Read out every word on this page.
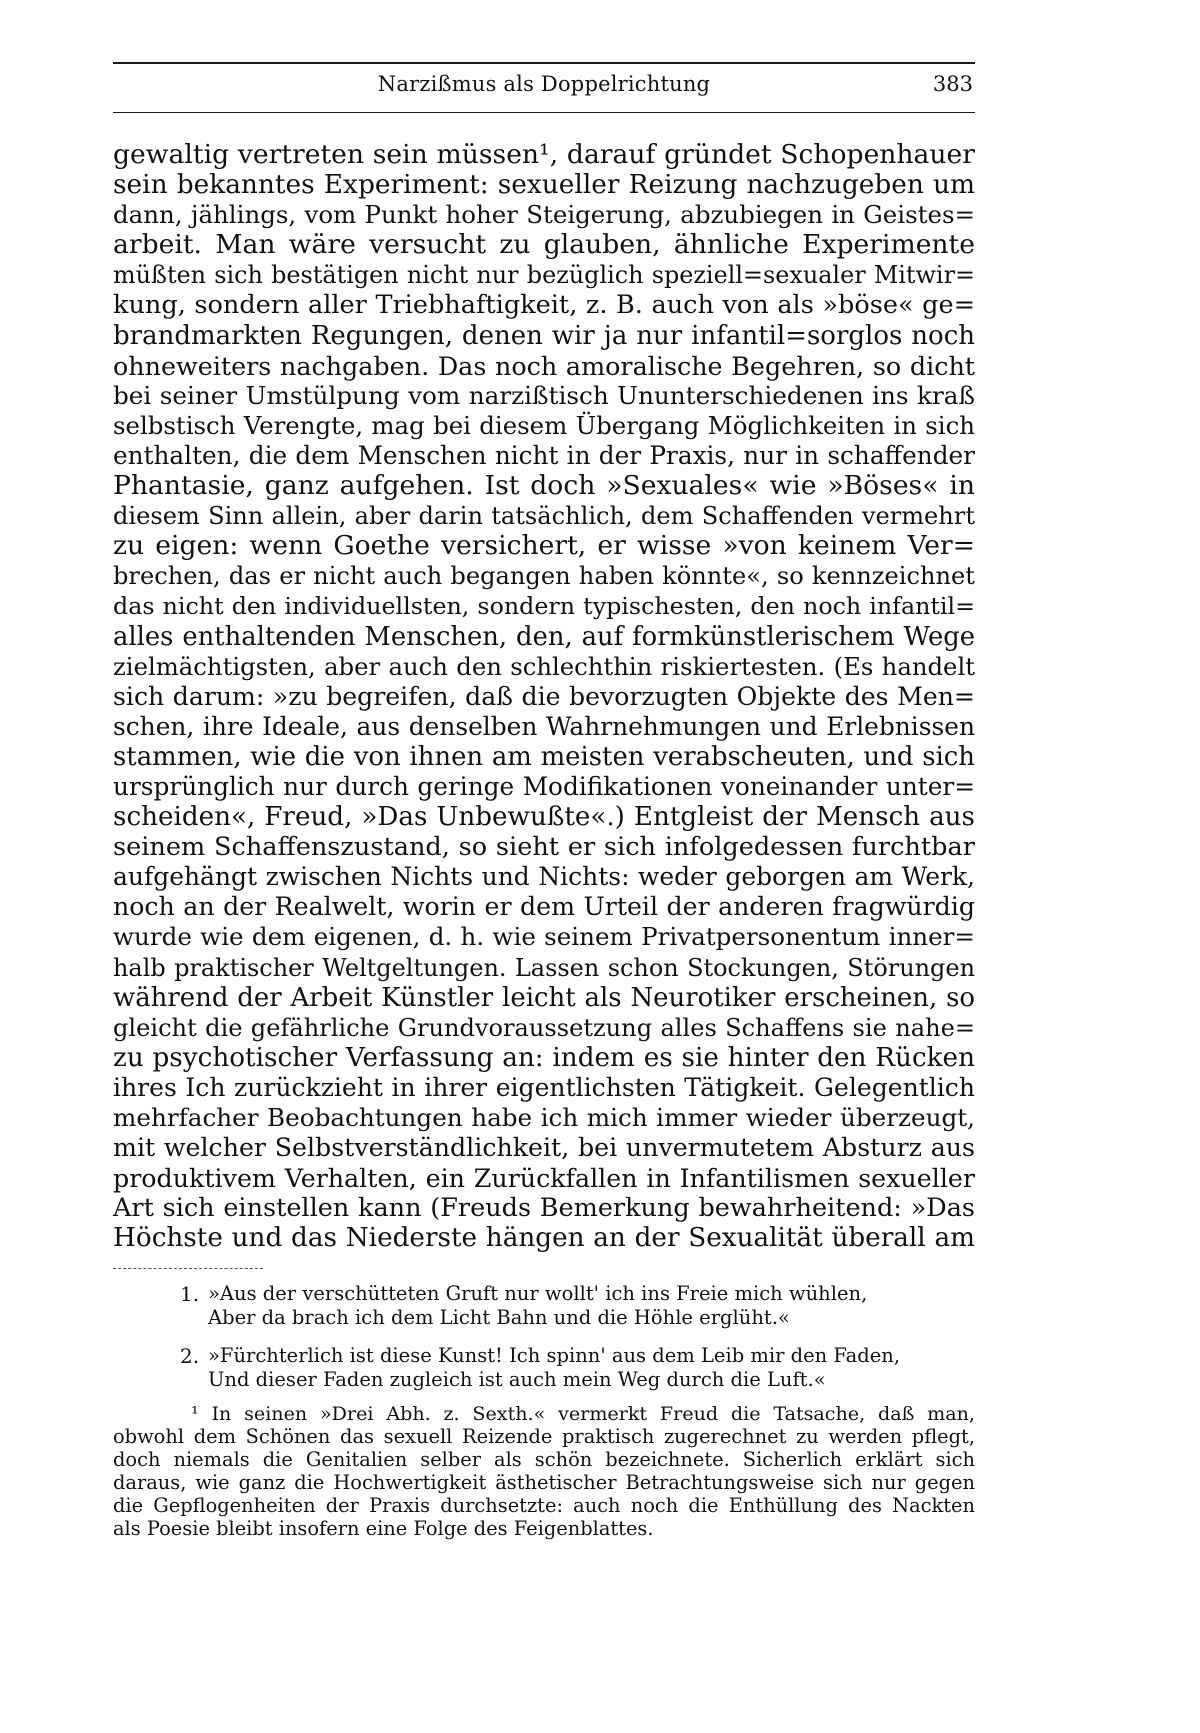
Narzißmus als Doppelrichtung	383
gewaltig vertreten sein müssen¹, darauf gründet Schopenhauer
sein bekanntes Experiment: sexueller Reizung nachzugeben um
dann, jählings, vom Punkt hoher Steigerung, abzubiegen in Geistes=
arbeit. Man wäre versucht zu glauben, ähnliche Experimente
müßten sich bestätigen nicht nur bezüglich speziell=sexualer Mitwir=
kung, sondern aller Triebhaftigkeit, z. B. auch von als »böse« ge=
brandmarkten Regungen, denen wir ja nur infantil=sorglos noch
ohneweiters nachgaben. Das noch amoralische Begehren, so dicht
bei seiner Umstülpung vom narzißtisch Ununterschiedenen ins kraß
selbstisch Verengte, mag bei diesem Übergang Möglichkeiten in sich
enthalten, die dem Menschen nicht in der Praxis, nur in schaffender
Phantasie, ganz aufgehen. Ist doch »Sexuales« wie »Böses« in
diesem Sinn allein, aber darin tatsächlich, dem Schaffenden vermehrt
zu eigen: wenn Goethe versichert, er wisse »von keinem Ver=
brechen, das er nicht auch begangen haben könnte«, so kennzeichnet
das nicht den individuellsten, sondern typischesten, den noch infantil=
alles enthaltenden Menschen, den, auf formkünstlerischem Wege
zielmächtigsten, aber auch den schlechthin riskiertesten. (Es handelt
sich darum: »zu begreifen, daß die bevorzugten Objekte des Men=
schen, ihre Ideale, aus denselben Wahrnehmungen und Erlebnissen
stammen, wie die von ihnen am meisten verabscheuten, und sich
ursprünglich nur durch geringe Modifikationen voneinander unter=
scheiden«, Freud, »Das Unbewußte«.) Entgleist der Mensch aus
seinem Schaffenszustand, so sieht er sich infolgedessen furchtbar
aufgehängt zwischen Nichts und Nichts: weder geborgen am Werk,
noch an der Realwelt, worin er dem Urteil der anderen fragwürdig
wurde wie dem eigenen, d. h. wie seinem Privatpersonentum inner=
halb praktischer Weltgeltungen. Lassen schon Stockungen, Störungen
während der Arbeit Künstler leicht als Neurotiker erscheinen, so
gleicht die gefährliche Grundvoraussetzung alles Schaffens sie nahe=
zu psychotischer Verfassung an: indem es sie hinter den Rücken
ihres Ich zurückzieht in ihrer eigentlichsten Tätigkeit. Gelegentlich
mehrfacher Beobachtungen habe ich mich immer wieder überzeugt,
mit welcher Selbstverständlichkeit, bei unvermutetem Absturz aus
produktivem Verhalten, ein Zurückfallen in Infantilismen sexueller
Art sich einstellen kann (Freuds Bemerkung bewahrheitend: »Das
Höchste und das Niederste hängen an der Sexualität überall am
1. »Aus der verschütteten Gruft nur wollt' ich ins Freie mich wühlen,
Aber da brach ich dem Licht Bahn und die Höhle erglüht.«
2. »Fürchterlich ist diese Kunst! Ich spinn' aus dem Leib mir den Faden,
Und dieser Faden zugleich ist auch mein Weg durch die Luft.«
¹ In seinen »Drei Abh. z. Sexth.« vermerkt Freud die Tatsache, daß man,
obwohl dem Schönen das sexuell Reizende praktisch zugerechnet zu werden pflegt,
doch niemals die Genitalien selber als schön bezeichnete. Sicherlich erklärt sich
daraus, wie ganz die Hochwertigkeit ästhetischer Betrachtungsweise sich nur gegen
die Gepflogenheiten der Praxis durchsetzte: auch noch die Enthüllung des Nackten
als Poesie bleibt insofern eine Folge des Feigenblattes.
